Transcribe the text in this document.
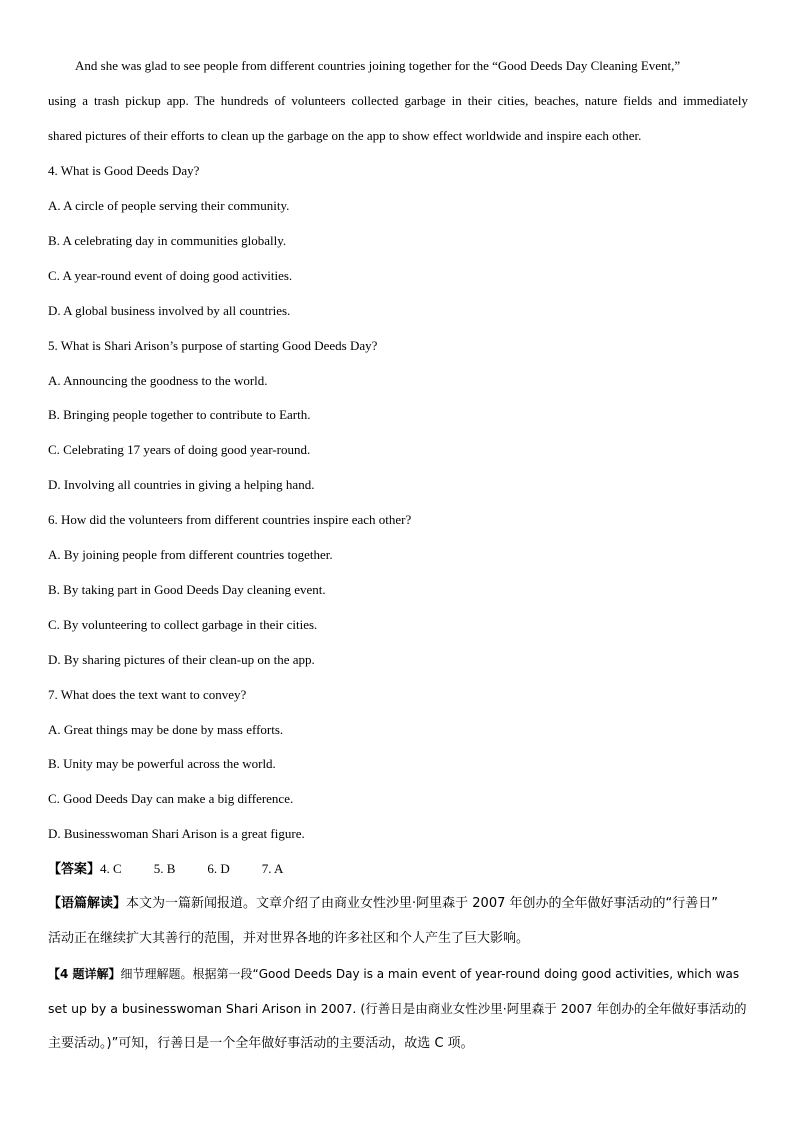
And she was glad to see people from different countries joining together for the “Good Deeds Day Cleaning Event,”
using a trash pickup app. The hundreds of volunteers collected garbage in their cities, beaches, nature fields and immediately
shared pictures of their efforts to clean up the garbage on the app to show effect worldwide and inspire each other.
4. What is Good Deeds Day?
A. A circle of people serving their community.
B. A celebrating day in communities globally.
C. A year-round event of doing good activities.
D. A global business involved by all countries.
5. What is Shari Arison’s purpose of starting Good Deeds Day?
A. Announcing the goodness to the world.
B. Bringing people together to contribute to Earth.
C. Celebrating 17 years of doing good year-round.
D. Involving all countries in giving a helping hand.
6. How did the volunteers from different countries inspire each other?
A. By joining people from different countries together.
B. By taking part in Good Deeds Day cleaning event.
C. By volunteering to collect garbage in their cities.
D. By sharing pictures of their clean-up on the app.
7. What does the text want to convey?
A. Great things may be done by mass efforts.
B. Unity may be powerful across the world.
C. Good Deeds Day can make a big difference.
D. Businesswoman Shari Arison is a great figure.
【答案】4. C 5. B 6. D 7. A
【语篇解读】本文为一篇新闻报道。文章介绍了由商业女性沙里·阿里森于 2007 年创办的全年做好事活动的“行善日”
活动正在继续扩大其善行的范围，并对世界各地的许多社区和个人产生了巨大影响。
【4 题详解】细节理解题。根据第一段“Good Deeds Day is a main event of year-round doing good activities, which was
set up by a businesswoman Shari Arison in 2007. (行善日是由商业女性沙里·阿里森于 2007 年创办的全年做好事活动的
主要活动。)”可知，行善日是一个全年做好事活动的主要活动，故选 C 项。
